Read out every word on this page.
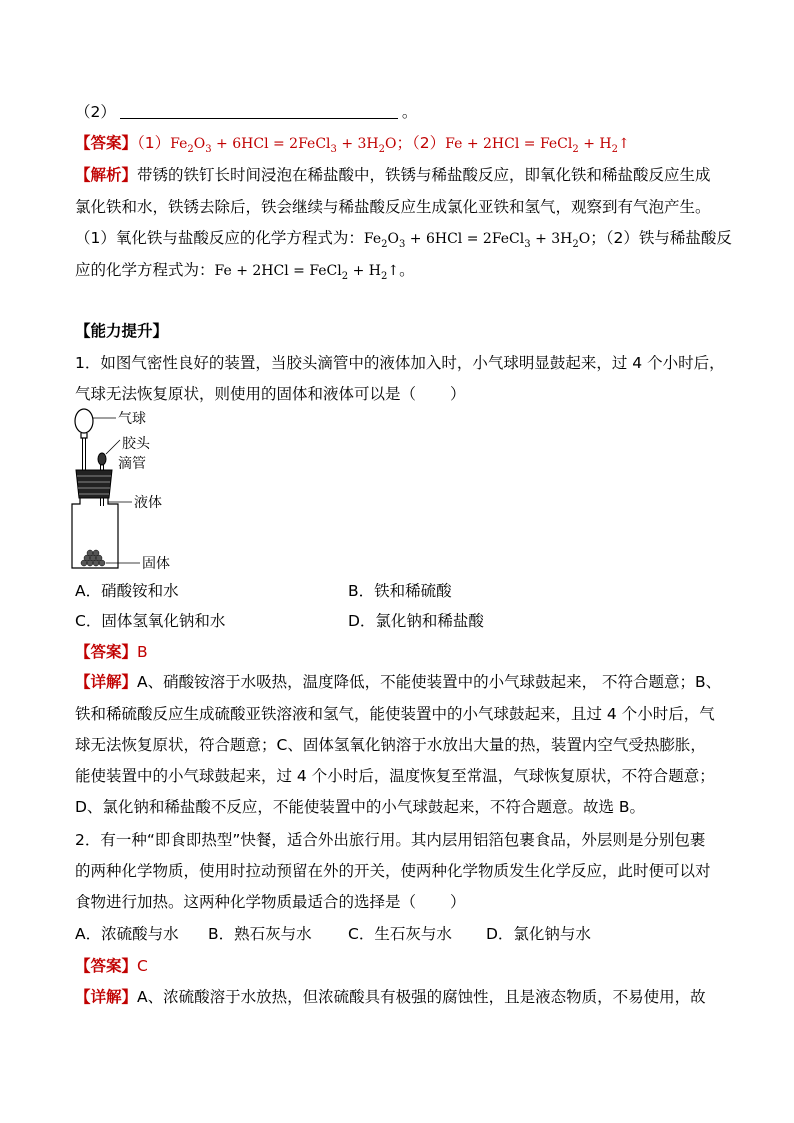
（2）	。
【答案】$(1)Fe_2O_3 + 6HCl$ = 2FeCl$_3$ + $3H_2O$；（2）Fe + 2HCl = FeCl$_2$ + $H_2↑$
【解析】带锈的铁钉长时间浸泡在稀盐酸中，铁锈与稀盐酸反应，即氧化铁和稀盐酸反应生成
氯化铁和水，铁锈去除后，铁会继续与稀盐酸反应生成氯化亚铁和氢气，观察到有气泡产生。
（1）氧化铁与盐酸反应的化学方程式为：$Fe_2O_3 + 6HCl$ = 2FeCl$_3$ + $3H_2O$；（2）铁与稀盐酸反
应的化学方程式为：Fe + 2HCl = FeCl$_2$ + $H_2↑$。
【能力提升】
1．如图气密性良好的装置，当胶头滴管中的液体加入时，小气球明显鼓起来，过 4 个小时后，
气球无法恢复原状，则使用的固体和液体可以是（ ）
气球
胶头
滴管
液体
固体
A．硝酸铵和水	B．铁和稀硫酸
C．固体氢氧化钠和水	D．氯化钠和稀盐酸
【答案】B
【详解】A、硝酸铵溶于水吸热，温度降低，不能使装置中的小气球鼓起来， 不符合题意；B、
铁和稀硫酸反应生成硫酸亚铁溶液和氢气，能使装置中的小气球鼓起来，且过 4 个小时后，气
球无法恢复原状，符合题意；C、固体氢氧化钠溶于水放出大量的热，装置内空气受热膨胀，
能使装置中的小气球鼓起来，过 4 个小时后，温度恢复至常温，气球恢复原状，不符合题意；
D、氯化钠和稀盐酸不反应，不能使装置中的小气球鼓起来，不符合题意。故选 B。
2．有一种“即食即热型”快餐，适合外出旅行用。其内层用铝箔包裹食品，外层则是分别包裹
的两种化学物质，使用时拉动预留在外的开关，使两种化学物质发生化学反应，此时便可以对
食物进行加热。这两种化学物质最适合的选择是（ ）
A．浓硫酸与水 B．熟石灰与水 C．生石灰与水 D．氯化钠与水
【答案】C
【详解】A、浓硫酸溶于水放热，但浓硫酸具有极强的腐蚀性，且是液态物质，不易使用，故
